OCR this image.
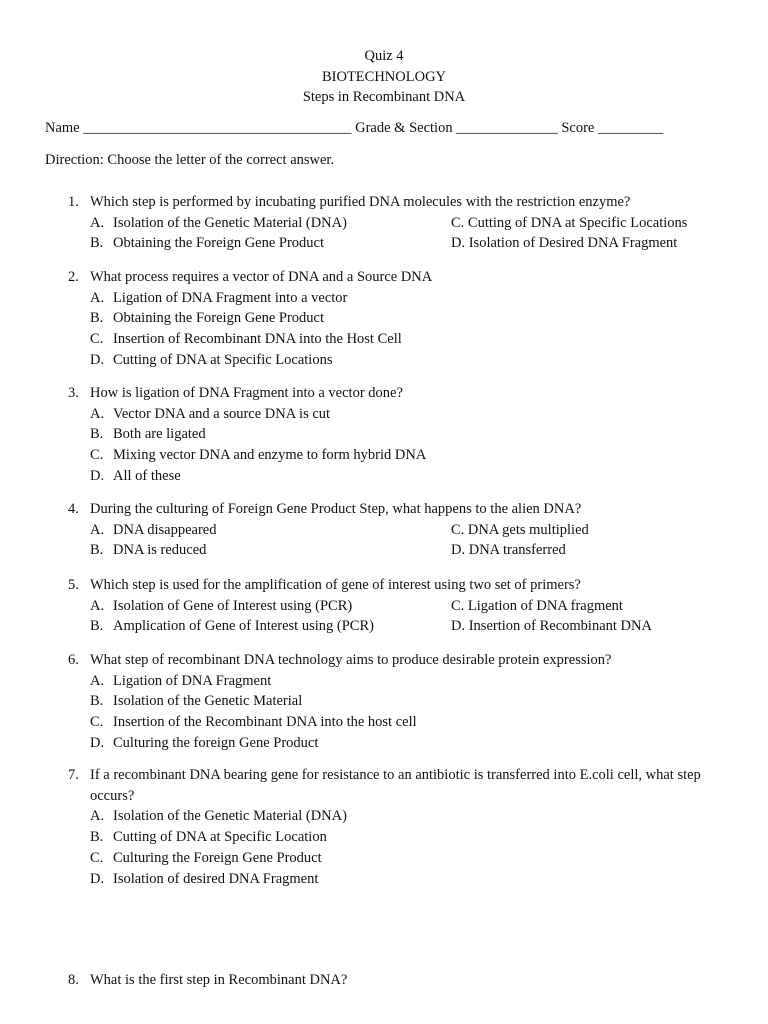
Quiz 4
BIOTECHNOLOGY
Steps in Recombinant DNA
Name _____________________________________ Grade & Section ______________ Score _________
Direction: Choose the letter of the correct answer.
1. Which step is performed by incubating purified DNA molecules with the restriction enzyme?
A. Isolation of the Genetic Material (DNA)	C. Cutting of DNA at Specific Locations
B. Obtaining the Foreign Gene Product	D. Isolation of Desired DNA Fragment
2. What process requires a vector of DNA and a Source DNA
A. Ligation of DNA Fragment into a vector
B. Obtaining the Foreign Gene Product
C. Insertion of Recombinant DNA into the Host Cell
D. Cutting of DNA at Specific Locations
3. How is ligation of DNA Fragment into a vector done?
A. Vector DNA and a source DNA is cut
B. Both are ligated
C. Mixing vector DNA and enzyme to form hybrid DNA
D. All of these
4. During the culturing of Foreign Gene Product Step, what happens to the alien DNA?
A. DNA disappeared	C. DNA gets multiplied
B. DNA is reduced	D. DNA transferred
5. Which step is used for the amplification of gene of interest using two set of primers?
A. Isolation of Gene of Interest using (PCR)	C. Ligation of DNA fragment
B. Amplication of Gene of Interest using (PCR)	D. Insertion of Recombinant DNA
6. What step of recombinant DNA technology aims to produce desirable protein expression?
A. Ligation of DNA Fragment
B. Isolation of the Genetic Material
C. Insertion of the Recombinant DNA into the host cell
D. Culturing the foreign Gene Product
7. If a recombinant DNA bearing gene for resistance to an antibiotic is transferred into E.coli cell, what step occurs?
A. Isolation of the Genetic Material (DNA)
B. Cutting of DNA at Specific Location
C. Culturing the Foreign Gene Product
D. Isolation of desired DNA Fragment
8. What is the first step in Recombinant DNA?
